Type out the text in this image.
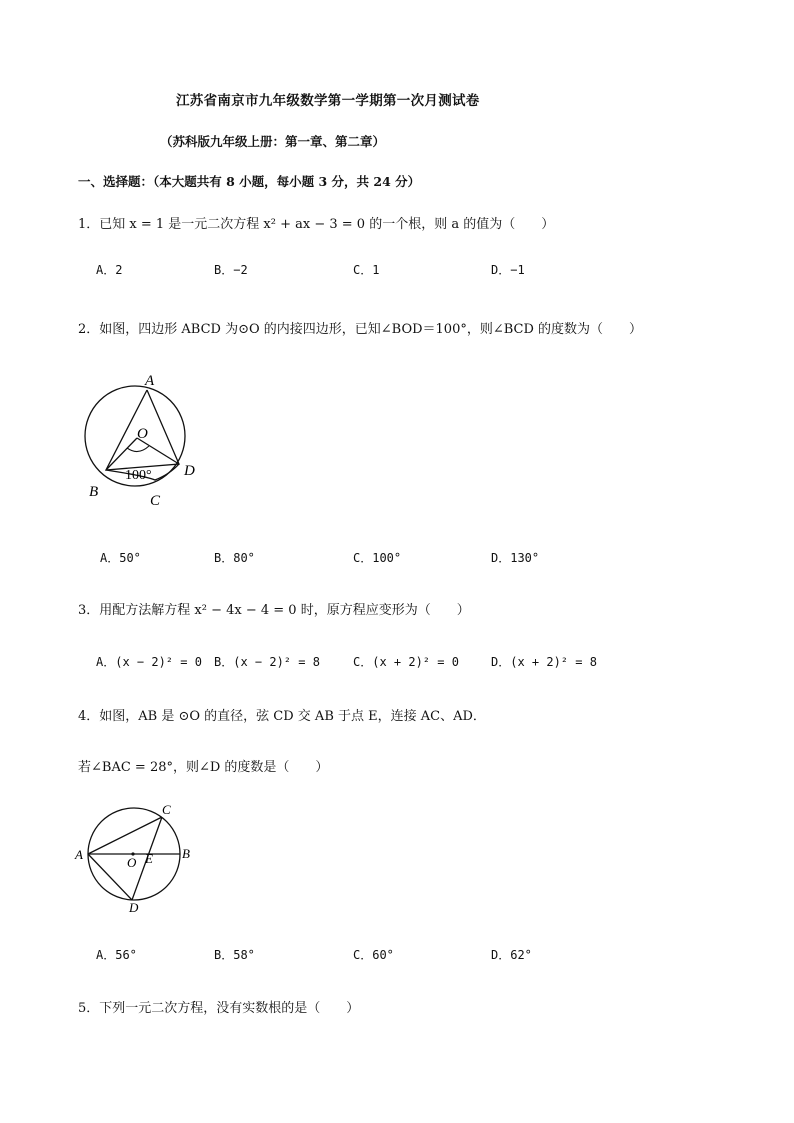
江苏省南京市九年级数学第一学期第一次月测试卷
（苏科版九年级上册：第一章、第二章）
一、选择题：（本大题共有 8 小题，每小题 3 分，共 24 分）
1．已知 x = 1 是一元二次方程 x² + ax − 3 = 0 的一个根，则 a 的值为（　　）
A．2	B．−2	C．1	D．−1
2．如图，四边形 ABCD 为⊙O 的内接四边形，已知∠BOD＝100°，则∠BCD 的度数为（　　）
A
O
100° D
B
C
A．50°	B．80°	C．100°	D．130°
3．用配方法解方程 x² − 4x − 4 = 0 时，原方程应变形为（　　）
A．(x − 2)² = 0 B．(x − 2)² = 8	C．(x + 2)² = 0	D．(x + 2)² = 8
4．如图，AB 是 ⊙O 的直径，弦 CD 交 AB 于点 E，连接 AC、AD．
若∠BAC = 28°，则∠D 的度数是（　　）
C
A
O E B
D
A．56°	B．58°	C．60°	D．62°
5．下列一元二次方程，没有实数根的是（　　）
